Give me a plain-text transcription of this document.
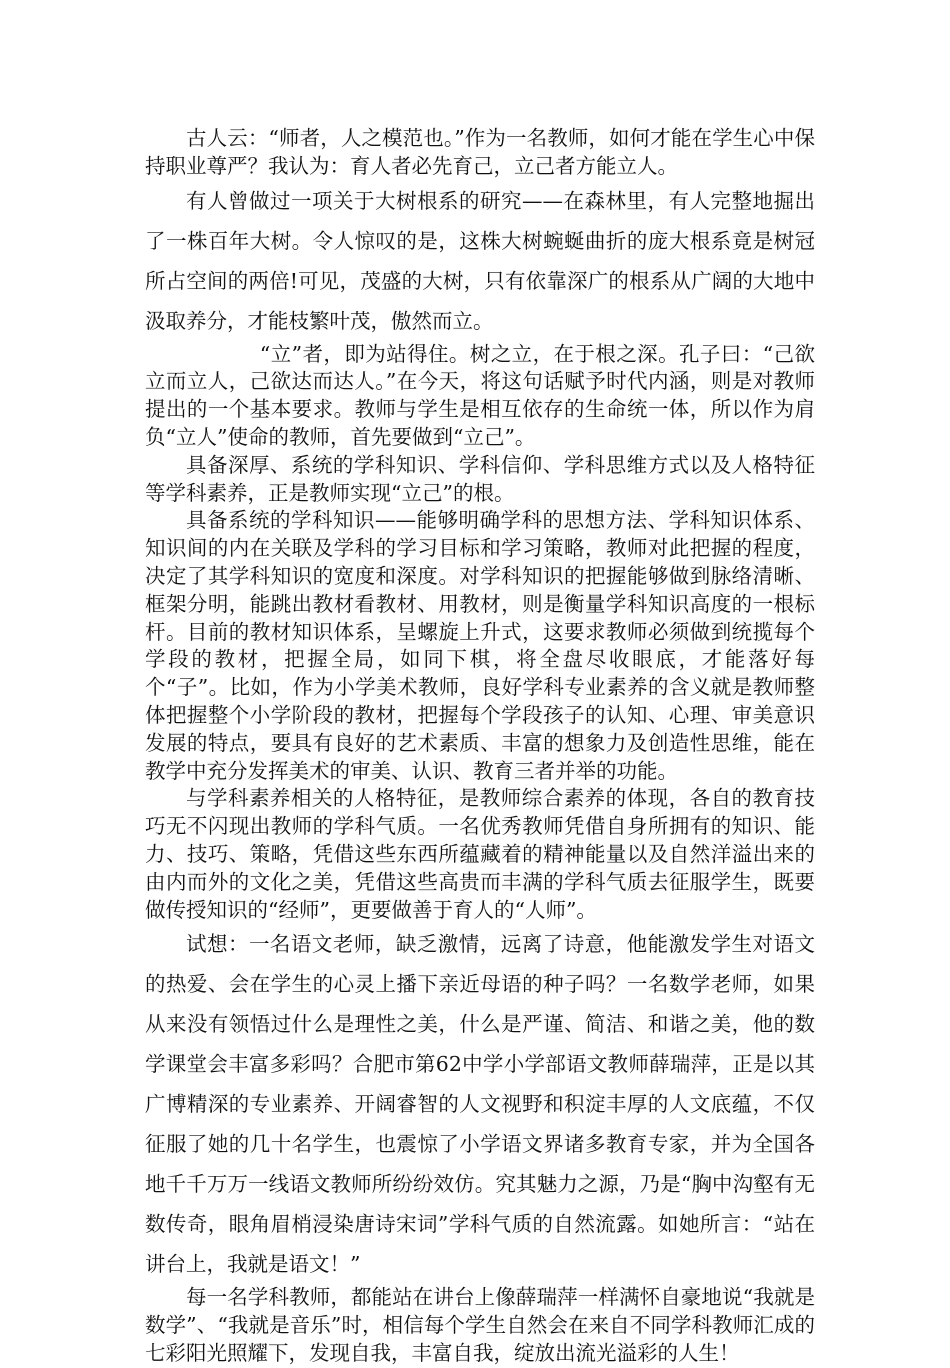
古人云：“师者，人之模范也。”作为一名教师，如何才能在学生心中保持职业尊严？我认为：育人者必先育己，立己者方能立人。

有人曾做过一项关于大树根系的研究——在森林里，有人完整地掘出了一株百年大树。令人惊叹的是，这株大树蜿蜒曲折的庞大根系竟是树冠所占空间的两倍!可见，茂盛的大树，只有依靠深广的根系从广阔的大地中汲取养分，才能枝繁叶茂，傲然而立。

“立”者，即为站得住。树之立，在于根之深。孔子曰：“己欲立而立人，己欲达而达人。”在今天，将这句话赋予时代内涵，则是对教师提出的一个基本要求。教师与学生是相互依存的生命统一体，所以作为肩负“立人”使命的教师，首先要做到“立己”。

具备深厚、系统的学科知识、学科信仰、学科思维方式以及人格特征等学科素养，正是教师实现“立己”的根。

具备系统的学科知识——能够明确学科的思想方法、学科知识体系、知识间的内在关联及学科的学习目标和学习策略，教师对此把握的程度，决定了其学科知识的宽度和深度。对学科知识的把握能够做到脉络清晰、框架分明，能跳出教材看教材、用教材，则是衡量学科知识高度的一根标杆。目前的教材知识体系，呈螺旋上升式，这要求教师必须做到统揽每个学段的教材，把握全局，如同下棋，将全盘尽收眼底，才能落好每个“子”。比如，作为小学美术教师，良好学科专业素养的含义就是教师整体把握整个小学阶段的教材，把握每个学段孩子的认知、心理、审美意识发展的特点，要具有良好的艺术素质、丰富的想象力及创造性思维，能在教学中充分发挥美术的审美、认识、教育三者并举的功能。

与学科素养相关的人格特征，是教师综合素养的体现，各自的教育技巧无不闪现出教师的学科气质。一名优秀教师凭借自身所拥有的知识、能力、技巧、策略，凭借这些东西所蕴藏着的精神能量以及自然洋溢出来的由内而外的文化之美，凭借这些高贵而丰满的学科气质去征服学生，既要做传授知识的“经师”，更要做善于育人的“人师”。

试想：一名语文老师，缺乏激情，远离了诗意，他能激发学生对语文的热爱、会在学生的心灵上播下亲近母语的种子吗？一名数学老师，如果从来没有领悟过什么是理性之美，什么是严谨、简洁、和谐之美，他的数学课堂会丰富多彩吗？合肥市第62中学小学部语文教师薛瑞萍，正是以其广博精深的专业素养、开阔睿智的人文视野和积淀丰厚的人文底蕴，不仅征服了她的几十名学生，也震惊了小学语文界诸多教育专家，并为全国各地千千万万一线语文教师所纷纷效仿。究其魅力之源，乃是“胸中沟壑有无数传奇，眼角眉梢浸染唐诗宋词”学科气质的自然流露。如她所言：“站在讲台上，我就是语文！”

每一名学科教师，都能站在讲台上像薛瑞萍一样满怀自豪地说“我就是数学”、“我就是音乐”时，相信每个学生自然会在来自不同学科教师汇成的七彩阳光照耀下，发现自我，丰富自我，绽放出流光溢彩的人生！
